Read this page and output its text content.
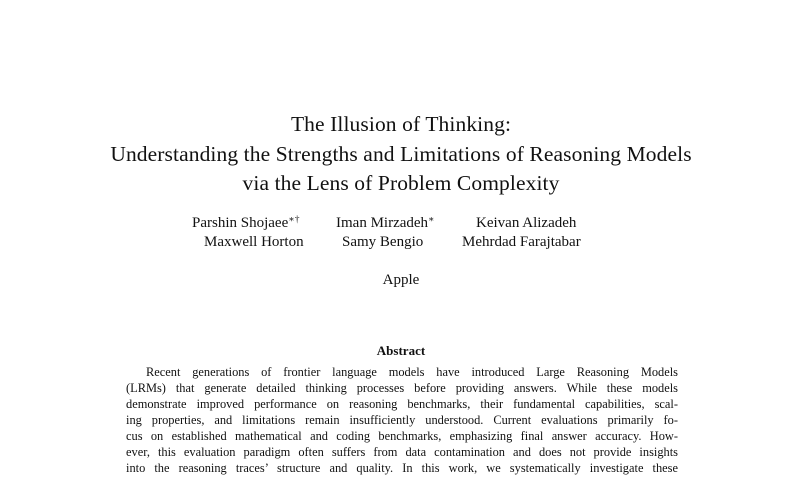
The Illusion of Thinking:
Understanding the Strengths and Limitations of Reasoning Models
via the Lens of Problem Complexity
Parshin Shojaee∗† Iman Mirzadeh∗	Keivan Alizadeh
Maxwell Horton	Samy Bengio	Mehrdad Farajtabar
Apple
Abstract
Recent generations of frontier language models have introduced Large Reasoning Models
(LRMs) that generate detailed thinking processes before providing answers. While these models
demonstrate improved performance on reasoning benchmarks, their fundamental capabilities, scal-
ing properties, and limitations remain insufficiently understood. Current evaluations primarily fo-
cus on established mathematical and coding benchmarks, emphasizing final answer accuracy. How-
ever, this evaluation paradigm often suffers from data contamination and does not provide insights
into the reasoning traces’ structure and quality. In this work, we systematically investigate these
